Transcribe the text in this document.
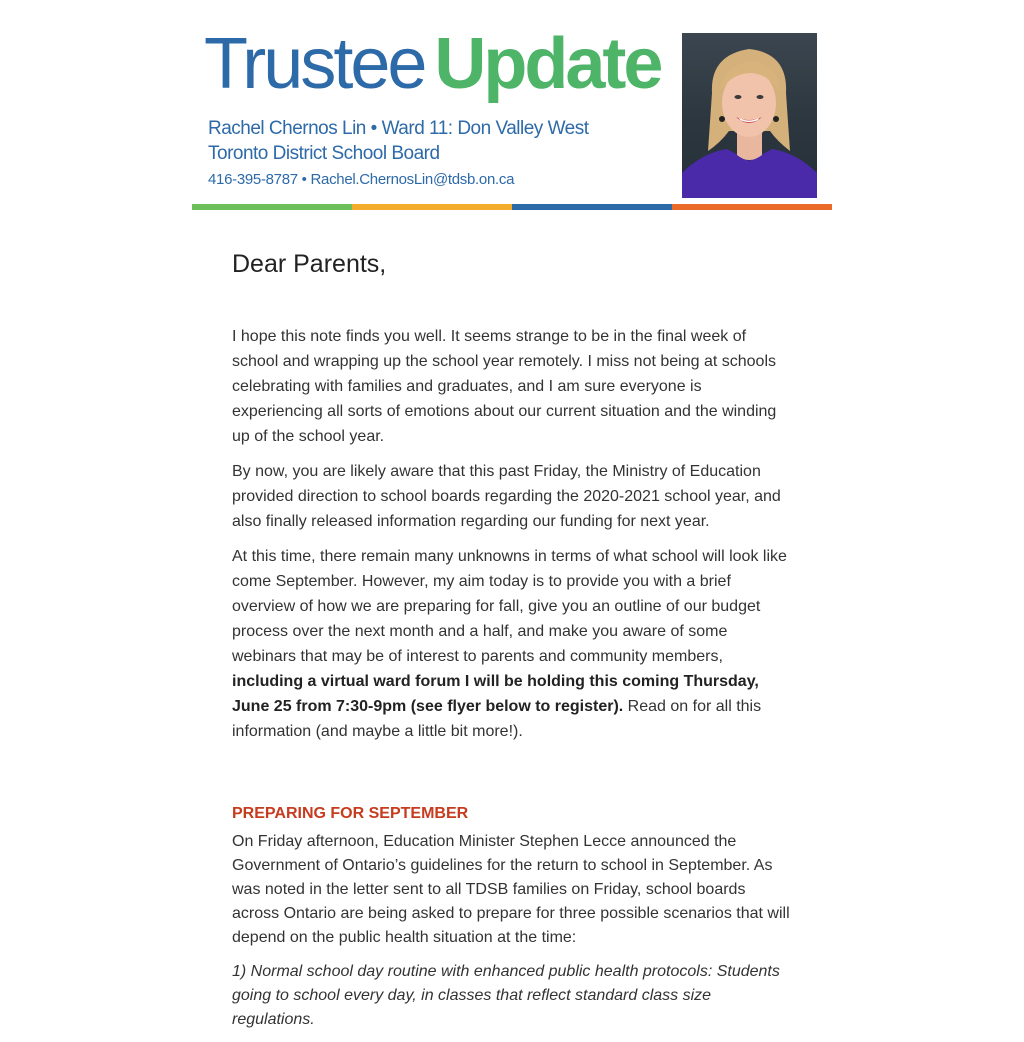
Trustee Update
Rachel Chernos Lin • Ward 11: Don Valley West
Toronto District School Board
416-395-8787 • Rachel.ChernosLin@tdsb.on.ca
Dear Parents,

I hope this note finds you well. It seems strange to be in the final week of school and wrapping up the school year remotely. I miss not being at schools celebrating with families and graduates, and I am sure everyone is experiencing all sorts of emotions about our current situation and the winding up of the school year.

By now, you are likely aware that this past Friday, the Ministry of Education provided direction to school boards regarding the 2020-2021 school year, and also finally released information regarding our funding for next year.

At this time, there remain many unknowns in terms of what school will look like come September. However, my aim today is to provide you with a brief overview of how we are preparing for fall, give you an outline of our budget process over the next month and a half, and make you aware of some webinars that may be of interest to parents and community members, including a virtual ward forum I will be holding this coming Thursday, June 25 from 7:30-9pm (see flyer below to register). Read on for all this information (and maybe a little bit more!).

PREPARING FOR SEPTEMBER

On Friday afternoon, Education Minister Stephen Lecce announced the Government of Ontario’s guidelines for the return to school in September. As was noted in the letter sent to all TDSB families on Friday, school boards across Ontario are being asked to prepare for three possible scenarios that will depend on the public health situation at the time:

1) Normal school day routine with enhanced public health protocols: Students going to school every day, in classes that reflect standard class size regulations.
